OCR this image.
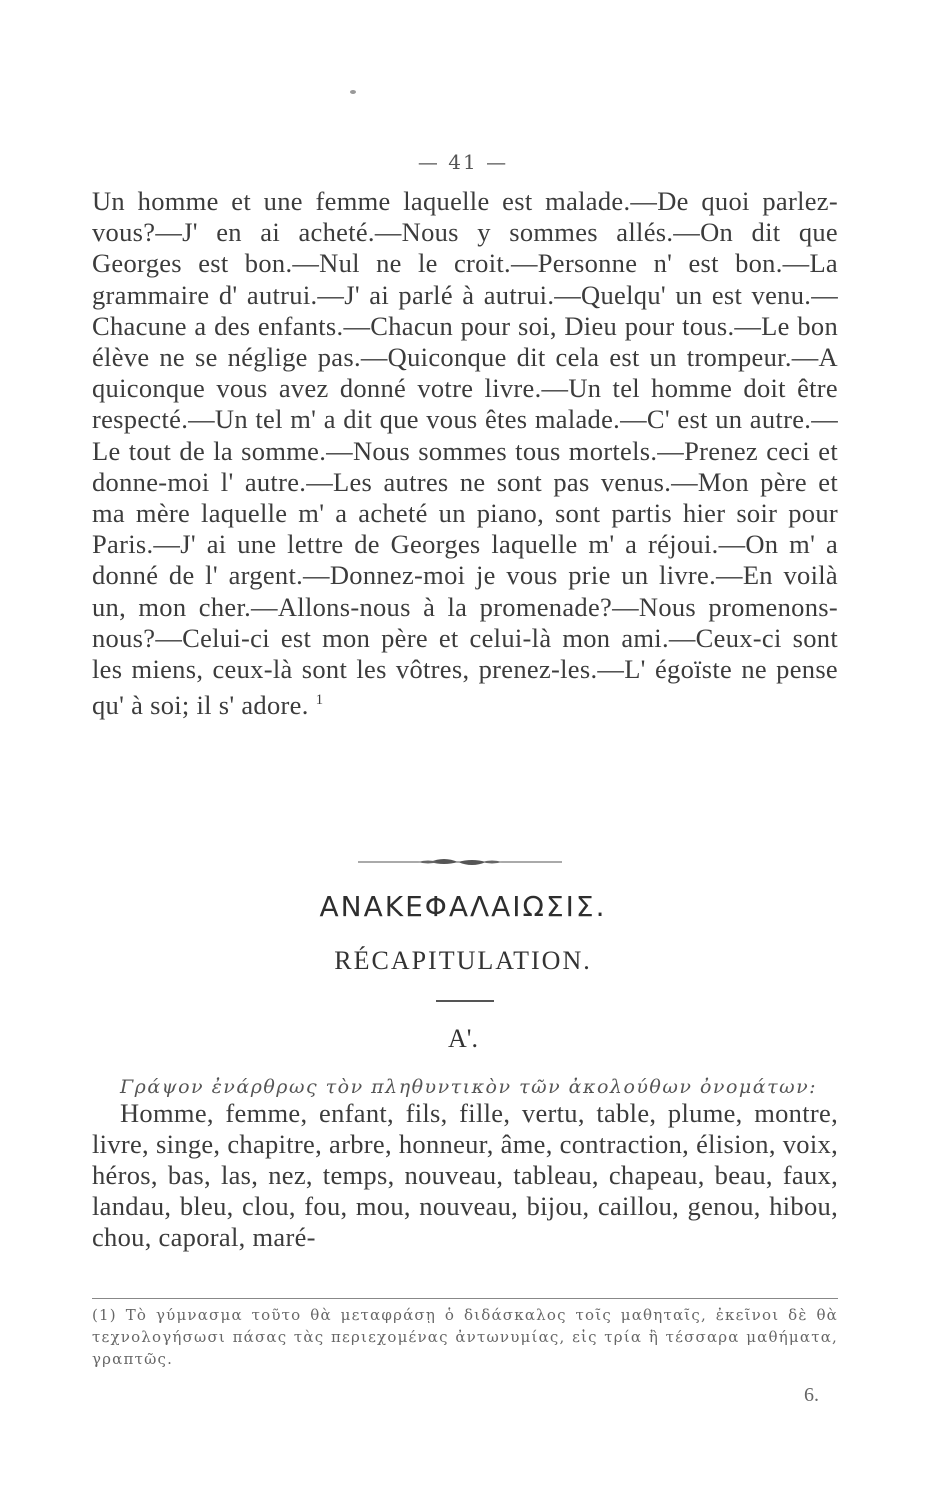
— 41 —

Un homme et une femme laquelle est malade.—De quoi parlez-vous?—J' en ai acheté.—Nous y sommes allés.—On dit que Georges est bon.—Nul ne le croit.—Personne n' est bon.—La grammaire d' autrui.—J' ai parlé à autrui.—Quelqu' un est venu.—Chacune a des enfants.—Chacun pour soi, Dieu pour tous.—Le bon élève ne se néglige pas.—Quiconque dit cela est un trompeur.—A quiconque vous avez donné votre livre.—Un tel homme doit être respecté.—Un tel m' a dit que vous êtes malade.—C' est un autre.—Le tout de la somme.—Nous sommes tous mortels.—Prenez ceci et donne-moi l' autre.—Les autres ne sont pas venus.—Mon père et ma mère laquelle m' a acheté un piano, sont partis hier soir pour Paris.—J' ai une lettre de Georges laquelle m' a réjoui.—On m' a donné de l' argent.—Donnez-moi je vous prie un livre.—En voilà un, mon cher.—Allons-nous à la promenade?—Nous promenons-nous?—Celui-ci est mon père et celui-là mon ami.—Ceux-ci sont les miens, ceux-là sont les vôtres, prenez-les.—L' égoïste ne pense qu' à soi; il s' adore. $^1$

ΑΝΑΚΕΦΑΛΑΙΩΣΙΣ.
RÉCAPITULATION.
Α'.
Γράψον ἐνάρθρως τὸν πληθυντικὸν τῶν ἀκολούθων ὀνομάτων:

Homme, femme, enfant, fils, fille, vertu, table, plume, montre, livre, singe, chapitre, arbre, honneur, âme, contraction, élision, voix, héros, bas, las, nez, temps, nouveau, tableau, chapeau, beau, faux, landau, bleu, clou, fou, mou, nouveau, bijou, caillou, genou, hibou, chou, caporal, maré-

(1) Τὸ γύμνασμα τοῦτο θὰ μεταφράσῃ ὁ διδάσκαλος τοῖς μαθηταῖς, ἐκεῖνοι δὲ θὰ τεχνολογήσωσι πάσας τὰς περιεχομένας ἀντωνυμίας, εἰς τρία ἢ τέσσαρα μαθήματα, γραπτῶς.

6.
